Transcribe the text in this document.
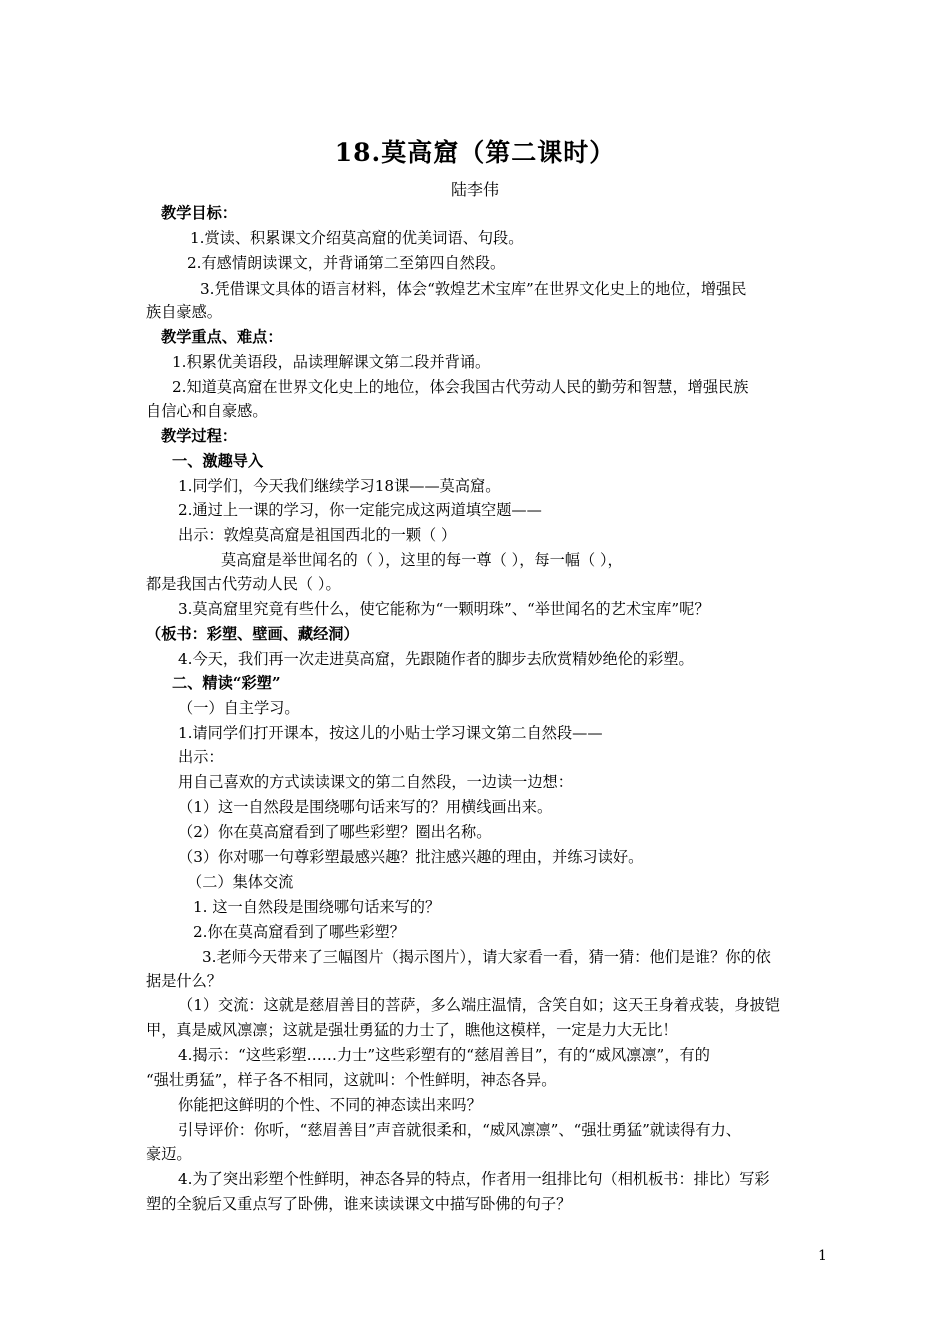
18.莫高窟（第二课时）
陆李伟
教学目标：
1.赏读、积累课文介绍莫高窟的优美词语、句段。
2.有感情朗读课文，并背诵第二至第四自然段。
3.凭借课文具体的语言材料，体会“敦煌艺术宝库”在世界文化史上的地位，增强民
族自豪感。
教学重点、难点：
1.积累优美语段，品读理解课文第二段并背诵。
2.知道莫高窟在世界文化史上的地位，体会我国古代劳动人民的勤劳和智慧，增强民族
自信心和自豪感。
教学过程：
一、激趣导入
1.同学们，今天我们继续学习18课——莫高窟。
2.通过上一课的学习，你一定能完成这两道填空题——
出示：敦煌莫高窟是祖国西北的一颗（ ）
莫高窟是举世闻名的（ ），这里的每一尊（ ），每一幅（ ），
都是我国古代劳动人民（ ）。
3.莫高窟里究竟有些什么，使它能称为“一颗明珠”、“举世闻名的艺术宝库”呢？
（板书：彩塑、壁画、藏经洞）
4.今天，我们再一次走进莫高窟，先跟随作者的脚步去欣赏精妙绝伦的彩塑。
二、精读“彩塑”
（一）自主学习。
1.请同学们打开课本，按这儿的小贴士学习课文第二自然段——
出示：
用自己喜欢的方式读读课文的第二自然段，一边读一边想：
（1）这一自然段是围绕哪句话来写的？用横线画出来。
（2）你在莫高窟看到了哪些彩塑？圈出名称。
（3）你对哪一句尊彩塑最感兴趣？批注感兴趣的理由，并练习读好。
（二）集体交流
1. 这一自然段是围绕哪句话来写的？
2.你在莫高窟看到了哪些彩塑？
3.老师今天带来了三幅图片（揭示图片），请大家看一看，猜一猜：他们是谁？你的依
据是什么？
（1）交流：这就是慈眉善目的菩萨，多么端庄温情，含笑自如；这天王身着戎装，身披铠
甲，真是威风凛凛；这就是强壮勇猛的力士了，瞧他这模样，一定是力大无比！
4.揭示：“这些彩塑……力士”这些彩塑有的“慈眉善目”，有的“威风凛凛”，有的
“强壮勇猛”，样子各不相同，这就叫：个性鲜明，神态各异。
你能把这鲜明的个性、不同的神态读出来吗？
引导评价：你听，“慈眉善目”声音就很柔和，“威风凛凛”、“强壮勇猛”就读得有力、
豪迈。
4.为了突出彩塑个性鲜明，神态各异的特点，作者用一组排比句（相机板书：排比）写彩
塑的全貌后又重点写了卧佛，谁来读读课文中描写卧佛的句子？
1
